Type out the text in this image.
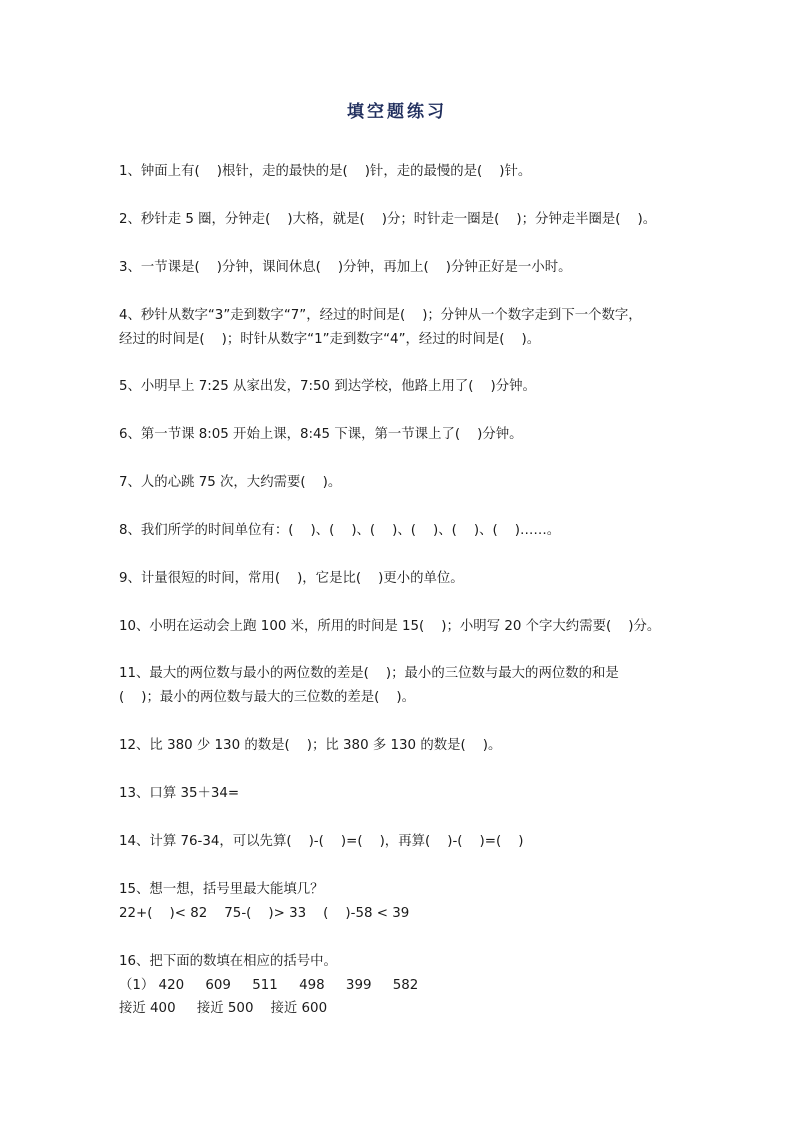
填空题练习
1、钟面上有(    )根针，走的最快的是(    )针，走的最慢的是(    )针。
2、秒针走 5 圈，分钟走(    )大格，就是(    )分；时针走一圈是(    )；分钟走半圈是(    )。
3、一节课是(    )分钟，课间休息(    )分钟，再加上(    )分钟正好是一小时。
4、秒针从数字“3”走到数字“7”，经过的时间是(    )；分钟从一个数字走到下一个数字，
经过的时间是(    )；时针从数字“1”走到数字“4”，经过的时间是(    )。
5、小明早上 7:25 从家出发，7:50 到达学校，他路上用了(    )分钟。
6、第一节课 8:05 开始上课，8:45 下课，第一节课上了(    )分钟。
7、人的心跳 75 次，大约需要(    )。
8、我们所学的时间单位有：(    )、(    )、(    )、(    )、(    )、(    )……。
9、计量很短的时间，常用(    )，它是比(    )更小的单位。
10、小明在运动会上跑 100 米，所用的时间是 15(    )；小明写 20 个字大约需要(    )分。
11、最大的两位数与最小的两位数的差是(    )；最小的三位数与最大的两位数的和是
(    )；最小的两位数与最大的三位数的差是(    )。
12、比 380 少 130 的数是(    )；比 380 多 130 的数是(    )。
13、口算 35＋34=
14、计算 76-34，可以先算(    )-(    )=(    )，再算(    )-(    )=(    )
15、想一想，括号里最大能填几？
22+(    )< 82    75-(    )> 33    (    )-58 < 39
16、把下面的数填在相应的括号中。
（1） 420     609     511     498     399     582
接近 400     接近 500    接近 600
